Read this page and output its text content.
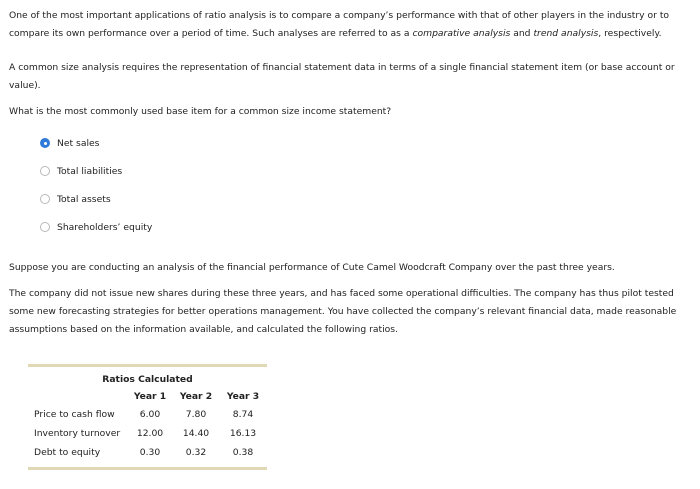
One of the most important applications of ratio analysis is to compare a company’s performance with that of other players in the industry or to compare its own performance over a period of time. Such analyses are referred to as a comparative analysis and trend analysis, respectively.

A common size analysis requires the representation of financial statement data in terms of a single financial statement item (or base account or value).

What is the most commonly used base item for a common size income statement?

Net sales
Total liabilities
Total assets
Shareholders’ equity

Suppose you are conducting an analysis of the financial performance of Cute Camel Woodcraft Company over the past three years.

The company did not issue new shares during these three years, and has faced some operational difficulties. The company has thus pilot tested some new forecasting strategies for better operations management. You have collected the company’s relevant financial data, made reasonable assumptions based on the information available, and calculated the following ratios.

Ratios Calculated
Year 1	Year 2	Year 3
Price to cash flow	6.00	7.80	8.74
Inventory turnover	12.00	14.40	16.13
Debt to equity	0.30	0.32	0.38
